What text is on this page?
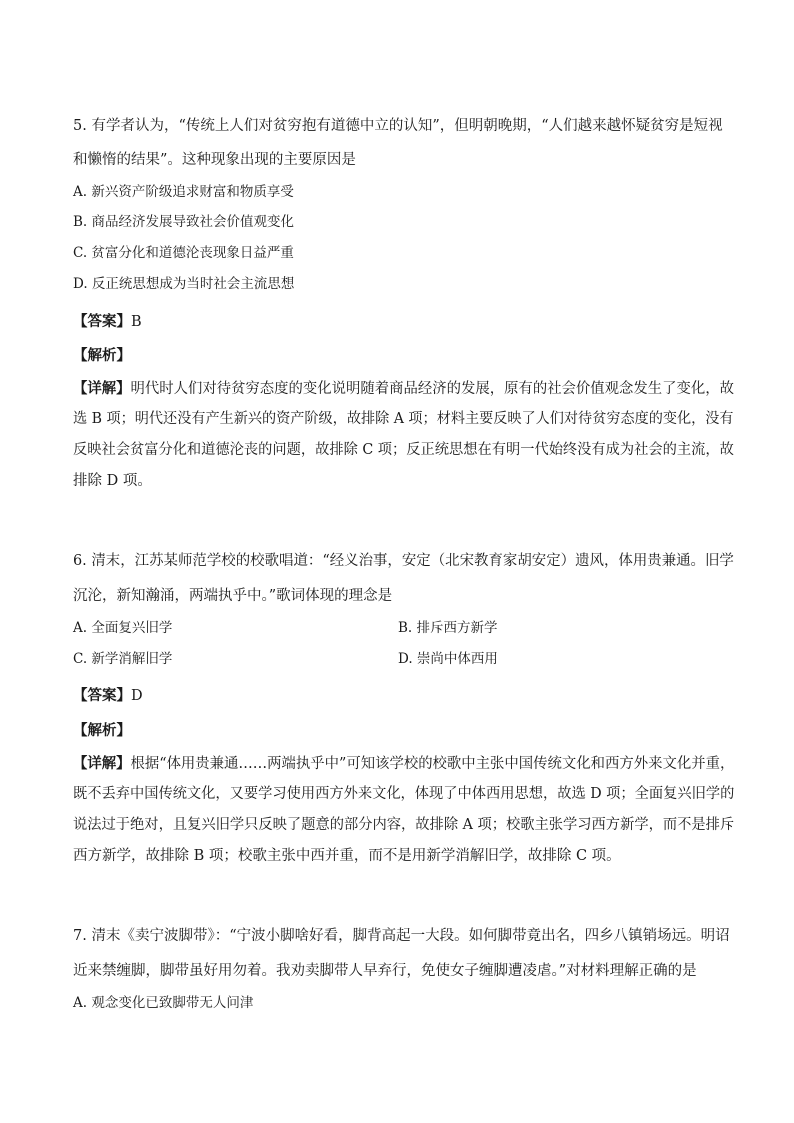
5. 有学者认为，“传统上人们对贫穷抱有道德中立的认知”，但明朝晚期，“人们越来越怀疑贫穷是短视
和懒惰的结果”。这种现象出现的主要原因是
A. 新兴资产阶级追求财富和物质享受
B. 商品经济发展导致社会价值观变化
C. 贫富分化和道德沦丧现象日益严重
D. 反正统思想成为当时社会主流思想
【答案】B
【解析】
【详解】明代时人们对待贫穷态度的变化说明随着商品经济的发展，原有的社会价值观念发生了变化，故
选 B 项；明代还没有产生新兴的资产阶级，故排除 A 项；材料主要反映了人们对待贫穷态度的变化，没有
反映社会贫富分化和道德沦丧的问题，故排除 C 项；反正统思想在有明一代始终没有成为社会的主流，故
排除 D 项。
6. 清末，江苏某师范学校的校歌唱道：“经义治事，安定（北宋教育家胡安定）遗风，体用贵兼通。旧学
沉沦，新知瀚涌，两端执乎中。”歌词体现的理念是
A. 全面复兴旧学	B. 排斥西方新学
C. 新学消解旧学	D. 崇尚中体西用
【答案】D
【解析】
【详解】根据“体用贵兼通……两端执乎中”可知该学校的校歌中主张中国传统文化和西方外来文化并重，
既不丢弃中国传统文化，又要学习使用西方外来文化，体现了中体西用思想，故选 D 项；全面复兴旧学的
说法过于绝对，且复兴旧学只反映了题意的部分内容，故排除 A 项；校歌主张学习西方新学，而不是排斥
西方新学，故排除 B 项；校歌主张中西并重，而不是用新学消解旧学，故排除 C 项。
7. 清末《卖宁波脚带》：“宁波小脚啥好看，脚背高起一大段。如何脚带竟出名，四乡八镇销场远。明诏
近来禁缠脚，脚带虽好用勿着。我劝卖脚带人早弃行，免使女子缠脚遭凌虐。”对材料理解正确的是
A. 观念变化已致脚带无人问津
